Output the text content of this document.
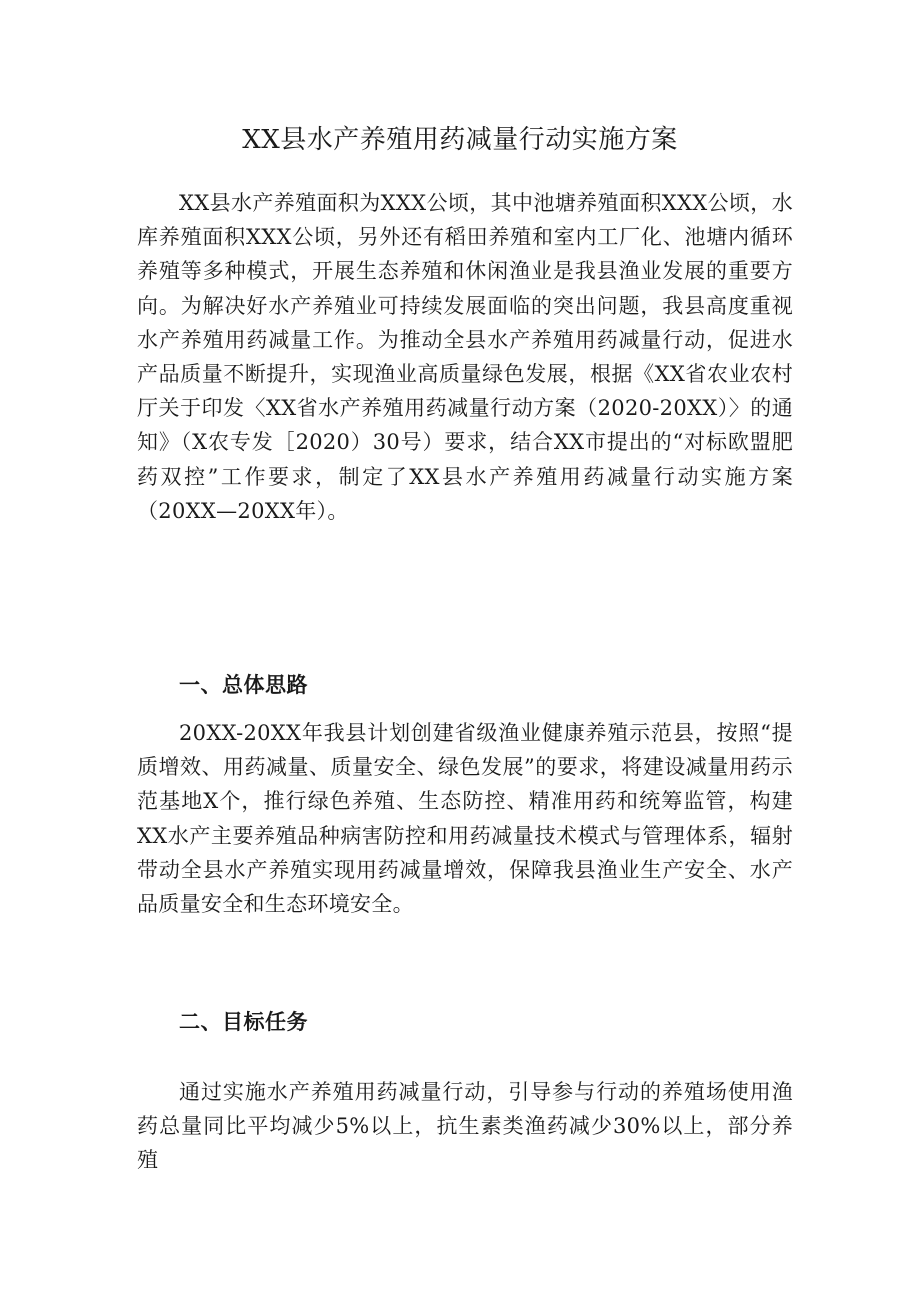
XX县水产养殖用药减量行动实施方案

XX县水产养殖面积为XXX公顷，其中池塘养殖面积XXX公顷，水库养殖面积XXX公顷，另外还有稻田养殖和室内工厂化、池塘内循环养殖等多种模式，开展生态养殖和休闲渔业是我县渔业发展的重要方向。为解决好水产养殖业可持续发展面临的突出问题，我县高度重视水产养殖用药减量工作。为推动全县水产养殖用药减量行动，促进水产品质量不断提升，实现渔业高质量绿色发展，根据《XX省农业农村厅关于印发〈XX省水产养殖用药减量行动方案（2020-20XX）〉的通知》（X农专发［2020）30号）要求，结合XX市提出的“对标欧盟肥药双控”工作要求，制定了XX县水产养殖用药减量行动实施方案（20XX—20XX年）。

一、总体思路

20XX-20XX年我县计划创建省级渔业健康养殖示范县，按照“提质增效、用药减量、质量安全、绿色发展”的要求，将建设减量用药示范基地X个，推行绿色养殖、生态防控、精准用药和统筹监管，构建XX水产主要养殖品种病害防控和用药减量技术模式与管理体系，辐射带动全县水产养殖实现用药减量增效，保障我县渔业生产安全、水产品质量安全和生态环境安全。

二、目标任务

通过实施水产养殖用药减量行动，引导参与行动的养殖场使用渔药总量同比平均减少5%以上，抗生素类渔药减少30%以上，部分养殖
